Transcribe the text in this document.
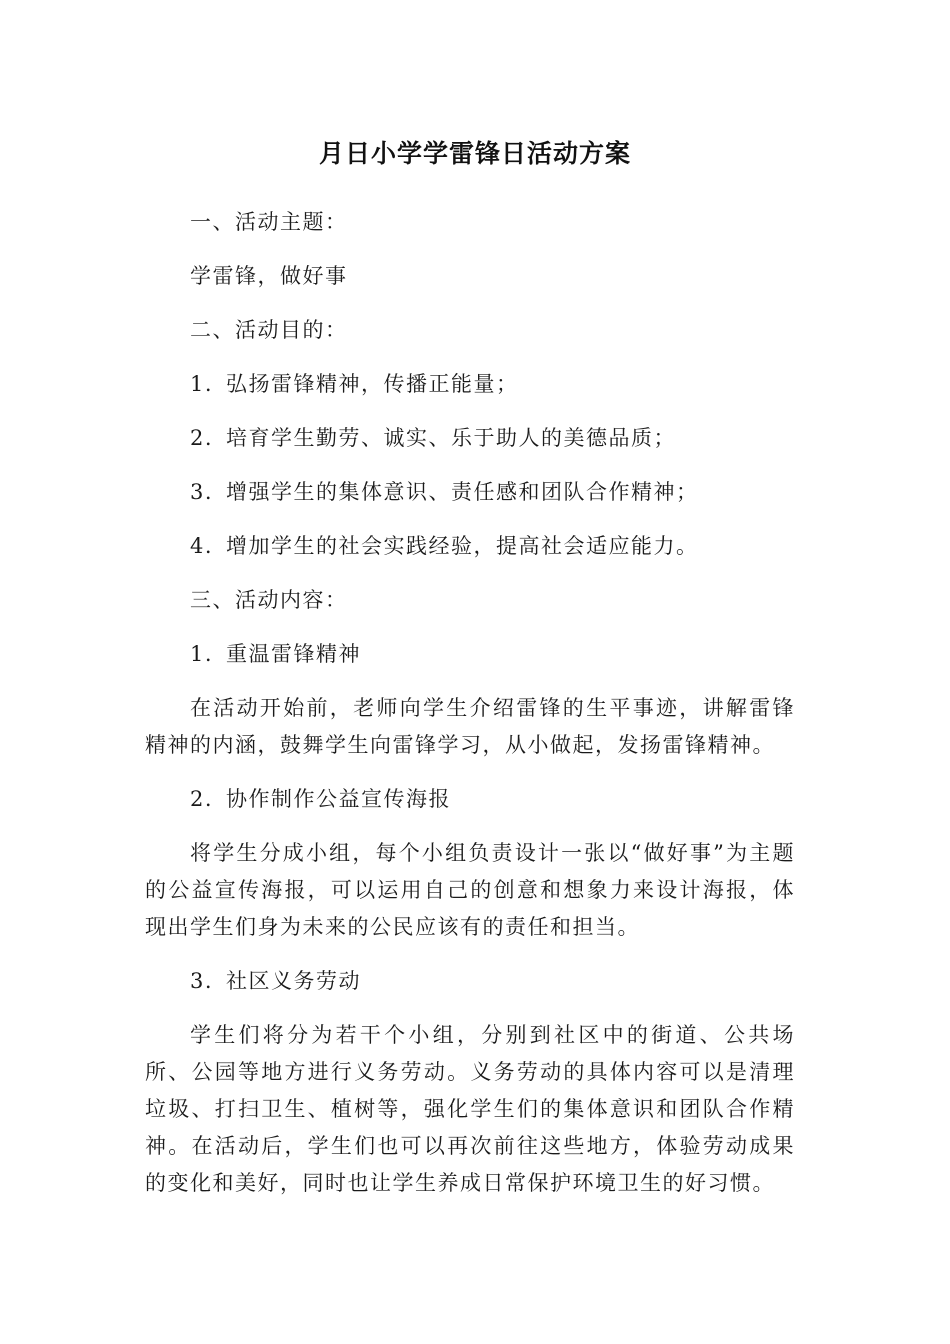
月日小学学雷锋日活动方案
一、活动主题：
学雷锋，做好事
二、活动目的：
1. 弘扬雷锋精神，传播正能量；
2. 培育学生勤劳、诚实、乐于助人的美德品质；
3. 增强学生的集体意识、责任感和团队合作精神；
4. 增加学生的社会实践经验，提高社会适应能力。
三、活动内容：
1. 重温雷锋精神

在活动开始前，老师向学生介绍雷锋的生平事迹，讲解雷锋精神的内涵，鼓舞学生向雷锋学习，从小做起，发扬雷锋精神。

2. 协作制作公益宣传海报

将学生分成小组，每个小组负责设计一张以“做好事”为主题的公益宣传海报，可以运用自己的创意和想象力来设计海报，体现出学生们身为未来的公民应该有的责任和担当。

3. 社区义务劳动

学生们将分为若干个小组，分别到社区中的街道、公共场所、公园等地方进行义务劳动。义务劳动的具体内容可以是清理垃圾、打扫卫生、植树等，强化学生们的集体意识和团队合作精神。在活动后，学生们也可以再次前往这些地方，体验劳动成果的变化和美好，同时也让学生养成日常保护环境卫生的好习惯。
